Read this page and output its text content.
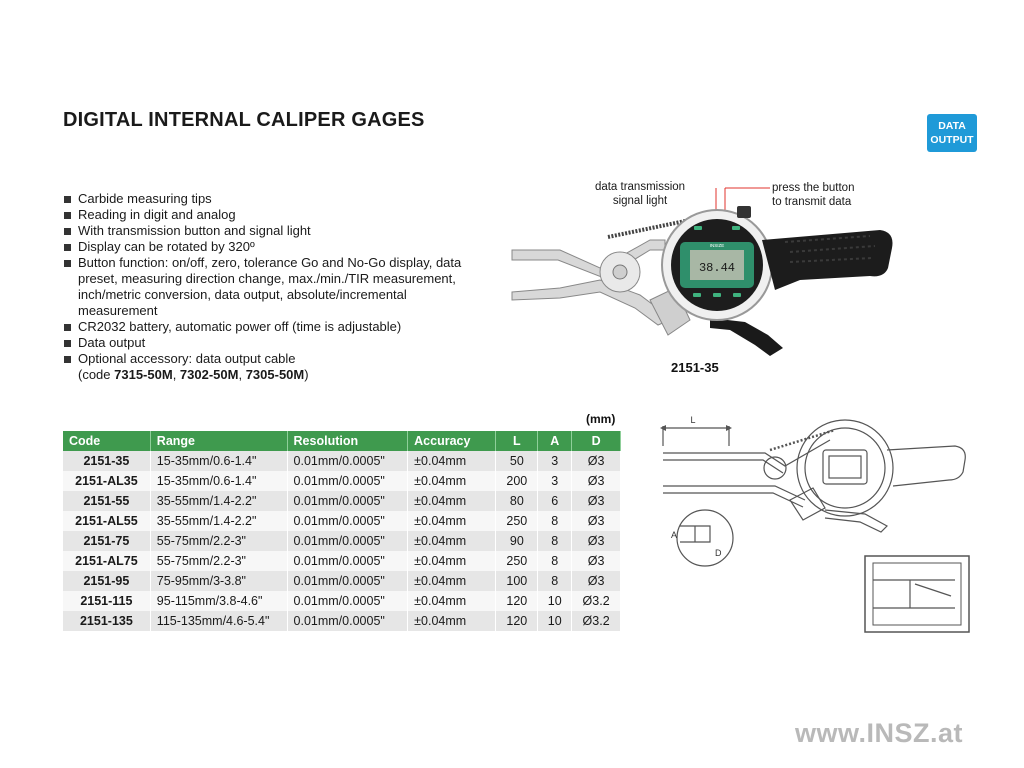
DIGITAL INTERNAL CALIPER GAGES	DATA
OUTPUT
Carbide measuring tips
Reading in digit and analog
With transmission button and signal light
Display can be rotated by 320º
Button function: on/off, zero, tolerance Go and No-Go display, data preset, measuring direction change, max./min./TIR measurement, inch/metric conversion, data output, absolute/incremental measurement
CR2032 battery, automatic power off (time is adjustable)
Data output
Optional accessory: data output cable
(code 7315-50M, 7302-50M, 7305-50M)
data transmission
signal light
press the button
to transmit data
38.44
INSIZE
2151-35
L
A
D
(mm)
Code	Range	Resolution	Accuracy	L	A	D
2151-35	15-35mm/0.6-1.4"	0.01mm/0.0005"	±0.04mm	50	3	Ø3
2151-AL35	15-35mm/0.6-1.4"	0.01mm/0.0005"	±0.04mm	200	3	Ø3
2151-55	35-55mm/1.4-2.2"	0.01mm/0.0005"	±0.04mm	80	6	Ø3
2151-AL55	35-55mm/1.4-2.2"	0.01mm/0.0005"	±0.04mm	250	8	Ø3
2151-75	55-75mm/2.2-3"	0.01mm/0.0005"	±0.04mm	90	8	Ø3
2151-AL75	55-75mm/2.2-3"	0.01mm/0.0005"	±0.04mm	250	8	Ø3
2151-95	75-95mm/3-3.8"	0.01mm/0.0005"	±0.04mm	100	8	Ø3
2151-115	95-115mm/3.8-4.6"	0.01mm/0.0005"	±0.04mm	120	10	Ø3.2
2151-135	115-135mm/4.6-5.4"	0.01mm/0.0005"	±0.04mm	120	10	Ø3.2
www.INSZ.at
